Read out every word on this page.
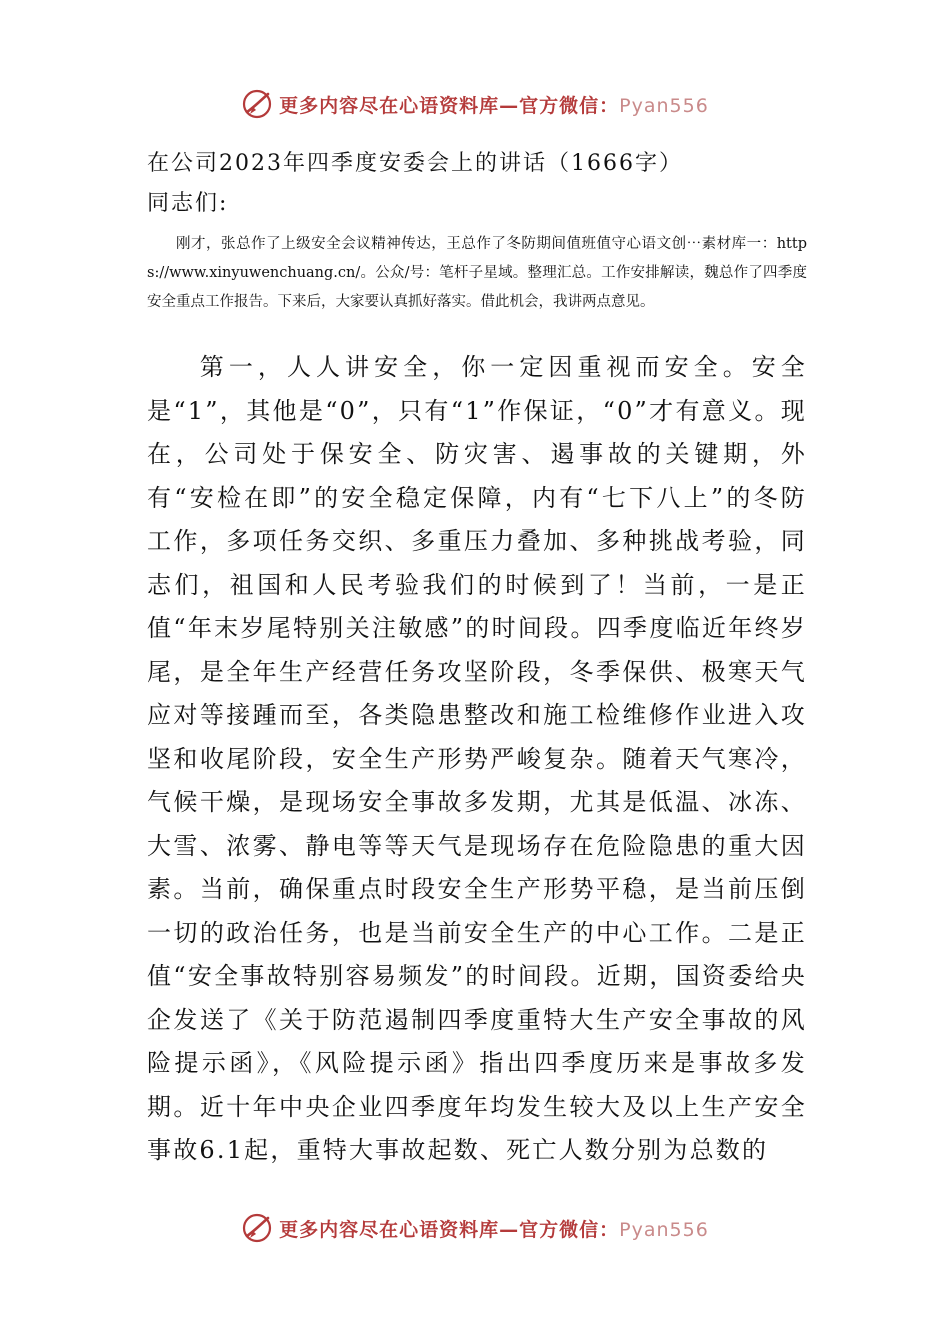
更多内容尽在心语资料库—官方微信：Pyan556
在公司2023年四季度安委会上的讲话（1666字）
同志们:
刚才，张总作了上级安全会议精神传达，王总作了冬防期间值班值守心语文创⋯素材库一：https://www.xinyuwenchuang.cn/。公众/号：笔杆子星域。整理汇总。工作安排解读，魏总作了四季度安全重点工作报告。下来后，大家要认真抓好落实。借此机会，我讲两点意见。
第一，人人讲安全，你一定因重视而安全。安全是“1”，其他是“0”，只有“1”作保证，“0”才有意义。现在，公司处于保安全、防灾害、遏事故的关键期，外有“安检在即”的安全稳定保障，内有“七下八上”的冬防工作，多项任务交织、多重压力叠加、多种挑战考验，同志们，祖国和人民考验我们的时候到了！当前，一是正值“年末岁尾特别关注敏感”的时间段。四季度临近年终岁尾，是全年生产经营任务攻坚阶段，冬季保供、极寒天气应对等接踵而至，各类隐患整改和施工检维修作业进入攻坚和收尾阶段，安全生产形势严峻复杂。随着天气寒冷，气候干燥，是现场安全事故多发期，尤其是低温、冰冻、大雪、浓雾、静电等等天气是现场存在危险隐患的重大因素。当前，确保重点时段安全生产形势平稳，是当前压倒一切的政治任务，也是当前安全生产的中心工作。二是正值“安全事故特别容易频发”的时间段。近期，国资委给央企发送了《关于防范遏制四季度重特大生产安全事故的风险提示函》，《风险提示函》指出四季度历来是事故多发期。近十年中央企业四季度年均发生较大及以上生产安全事故6.1起，重特大事故起数、死亡人数分别为总数的
更多内容尽在心语资料库—官方微信：Pyan556
